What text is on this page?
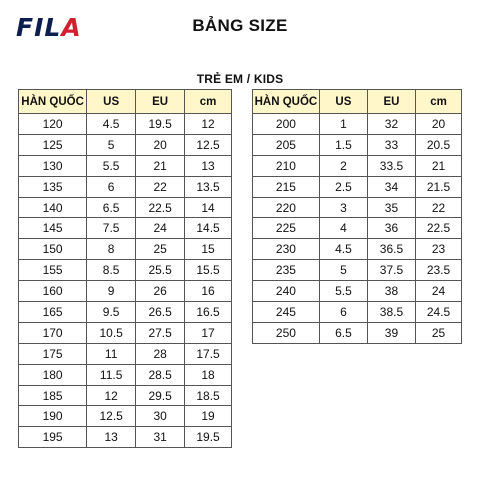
FILA	BẢNG SIZE
TRẺ EM / KIDS
HÀN QUỐC	US	EU	cm
120	4.5	19.5	12
125	5	20	12.5
130	5.5	21	13
135	6	22	13.5
140	6.5	22.5	14
145	7.5	24	14.5
150	8	25	15
155	8.5	25.5	15.5
160	9	26	16
165	9.5	26.5	16.5
170	10.5	27.5	17
175	11	28	17.5
180	11.5	28.5	18
185	12	29.5	18.5
190	12.5	30	19
195	13	31	19.5
HÀN QUỐC	US	EU	cm
200	1	32	20
205	1.5	33	20.5
210	2	33.5	21
215	2.5	34	21.5
220	3	35	22
225	4	36	22.5
230	4.5	36.5	23
235	5	37.5	23.5
240	5.5	38	24
245	6	38.5	24.5
250	6.5	39	25
